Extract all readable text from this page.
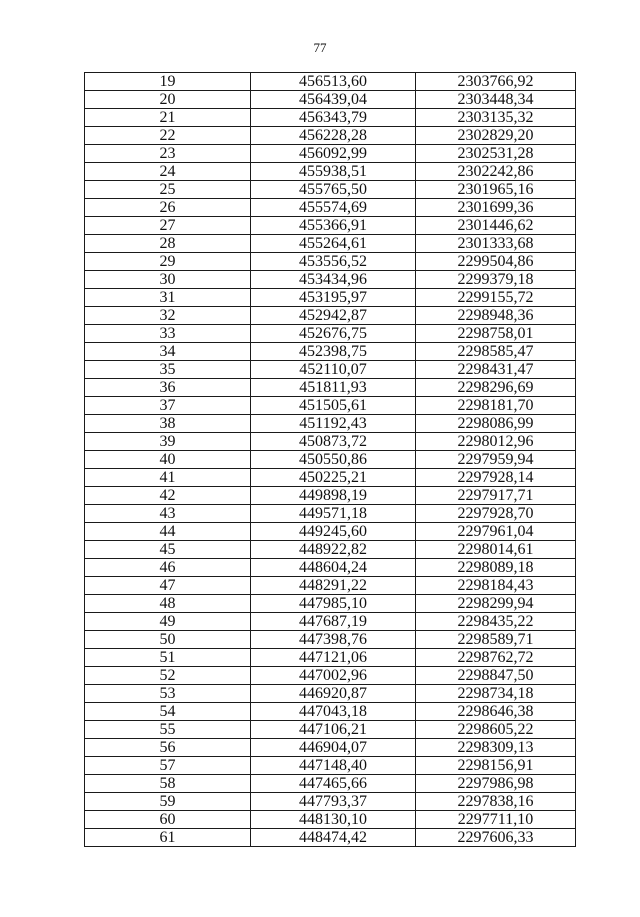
77
19	456513,60	2303766,92
20	456439,04	2303448,34
21	456343,79	2303135,32
22	456228,28	2302829,20
23	456092,99	2302531,28
24	455938,51	2302242,86
25	455765,50	2301965,16
26	455574,69	2301699,36
27	455366,91	2301446,62
28	455264,61	2301333,68
29	453556,52	2299504,86
30	453434,96	2299379,18
31	453195,97	2299155,72
32	452942,87	2298948,36
33	452676,75	2298758,01
34	452398,75	2298585,47
35	452110,07	2298431,47
36	451811,93	2298296,69
37	451505,61	2298181,70
38	451192,43	2298086,99
39	450873,72	2298012,96
40	450550,86	2297959,94
41	450225,21	2297928,14
42	449898,19	2297917,71
43	449571,18	2297928,70
44	449245,60	2297961,04
45	448922,82	2298014,61
46	448604,24	2298089,18
47	448291,22	2298184,43
48	447985,10	2298299,94
49	447687,19	2298435,22
50	447398,76	2298589,71
51	447121,06	2298762,72
52	447002,96	2298847,50
53	446920,87	2298734,18
54	447043,18	2298646,38
55	447106,21	2298605,22
56	446904,07	2298309,13
57	447148,40	2298156,91
58	447465,66	2297986,98
59	447793,37	2297838,16
60	448130,10	2297711,10
61	448474,42	2297606,33
